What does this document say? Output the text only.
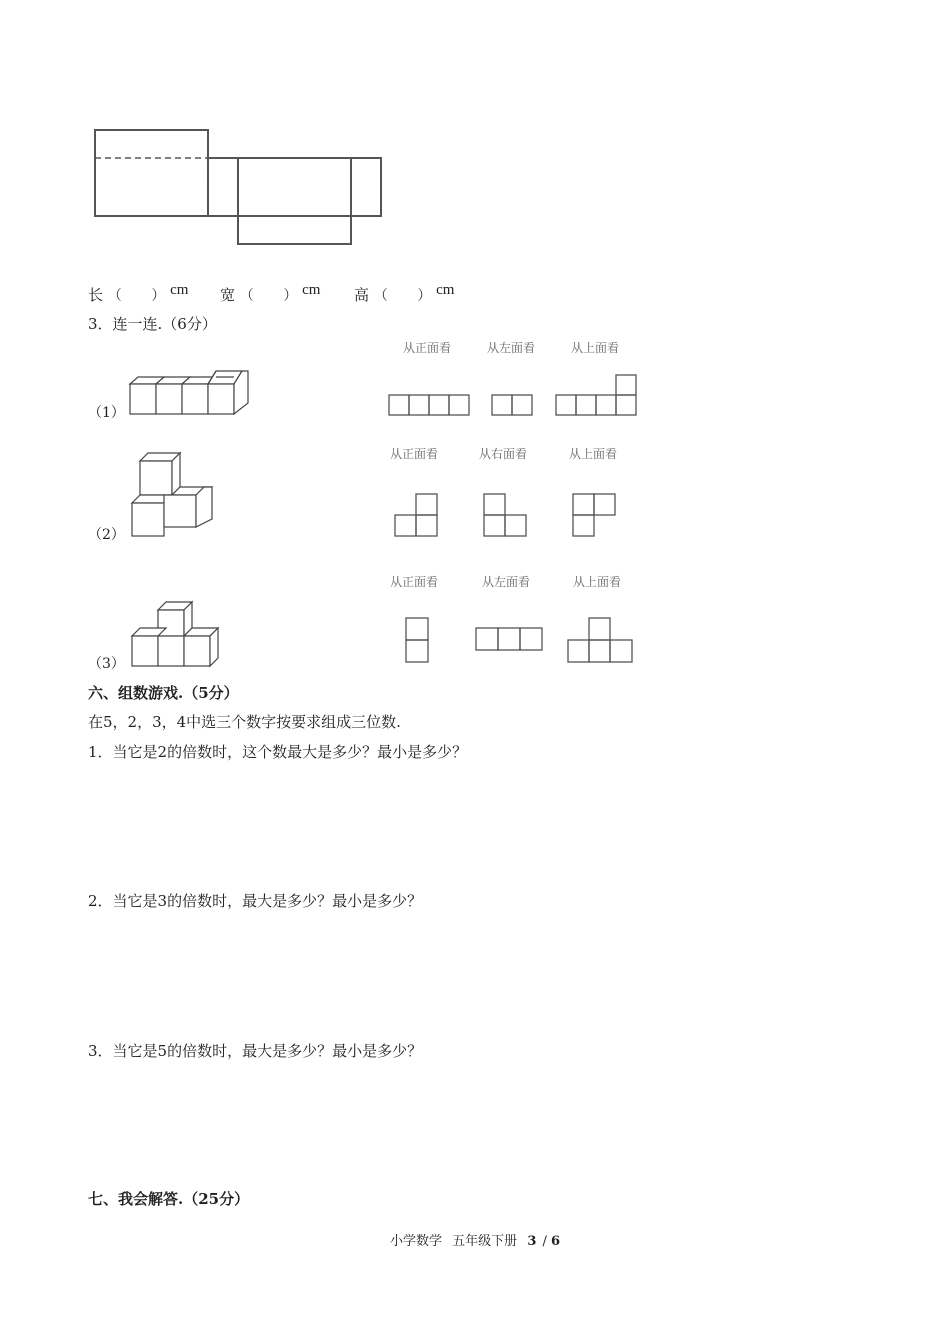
长 （ ） cm 宽 （ ） cm 高 （ ） cm
3．连一连.（6分）
（1）
从正面看	从左面看	从上面看
（2）
从正面看	从右面看	从上面看
（3）
从正面看	从左面看	从上面看
六、组数游戏.（5分）
在5，2，3，4中选三个数字按要求组成三位数.
1．当它是2的倍数时，这个数最大是多少？最小是多少？
2．当它是3的倍数时，最大是多少？最小是多少？
3．当它是5的倍数时，最大是多少？最小是多少？
七、我会解答.（25分）
小学数学 五年级下册 3 / 6
